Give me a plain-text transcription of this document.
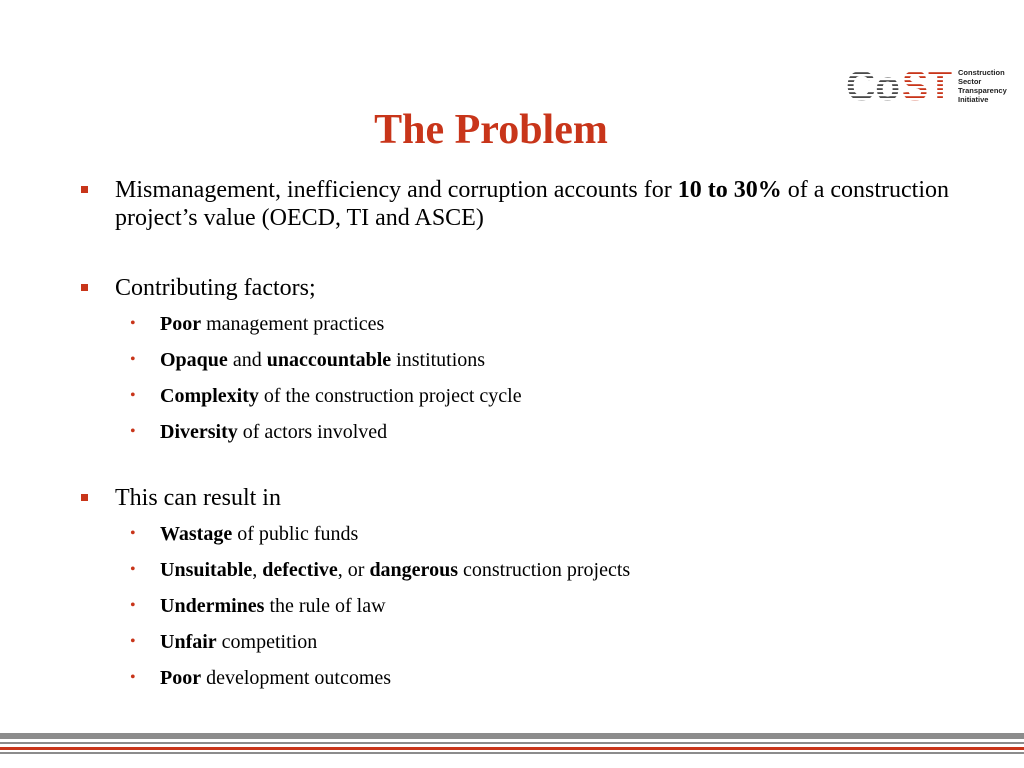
Construction
Sector
Transparency
Initiative
The Problem
Mismanagement, inefficiency and corruption accounts for 10 to 30% of a construction project’s value (OECD, TI and ASCE)
Contributing factors;
• Poor management practices
• Opaque and unaccountable institutions
• Complexity of the construction project cycle
• Diversity of actors involved
This can result in
• Wastage of public funds
• Unsuitable, defective, or dangerous construction projects
• Undermines the rule of law
• Unfair competition
• Poor development outcomes
